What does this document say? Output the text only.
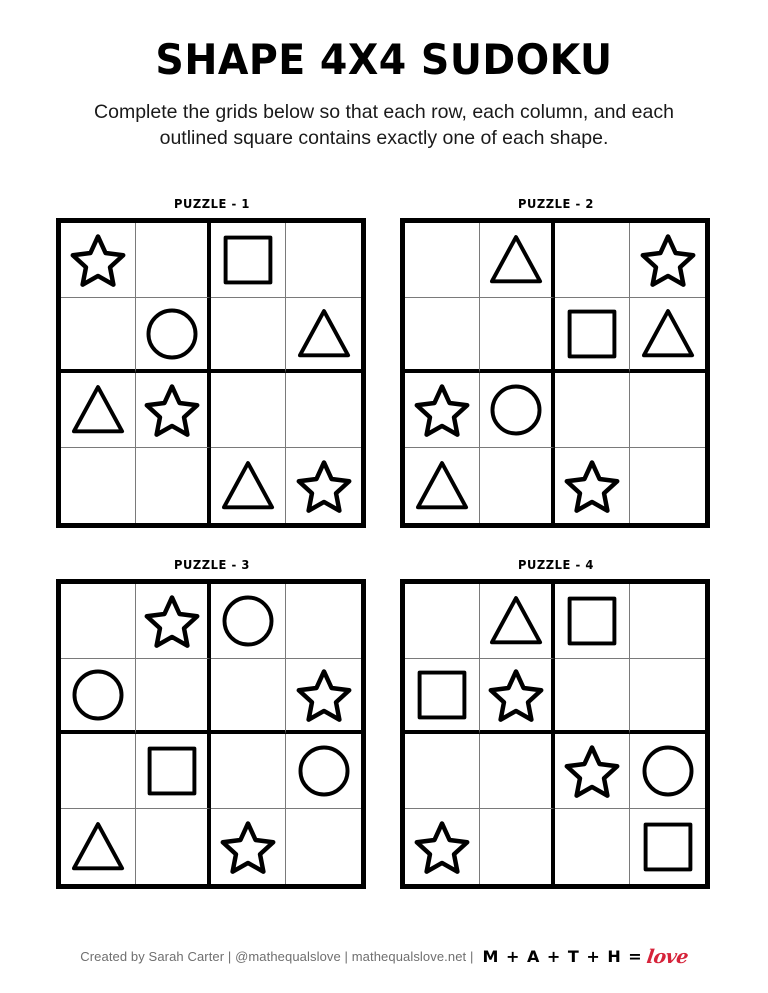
SHAPE 4X4 SUDOKU

Complete the grids below so that each row, each column, and each outlined square contains exactly one of each shape.

PUZZLE - 1	PUZZLE - 2
PUZZLE - 3	PUZZLE - 4
Created by Sarah Carter | @mathequalslove | mathequalslove.net | M + A + T + H = love
